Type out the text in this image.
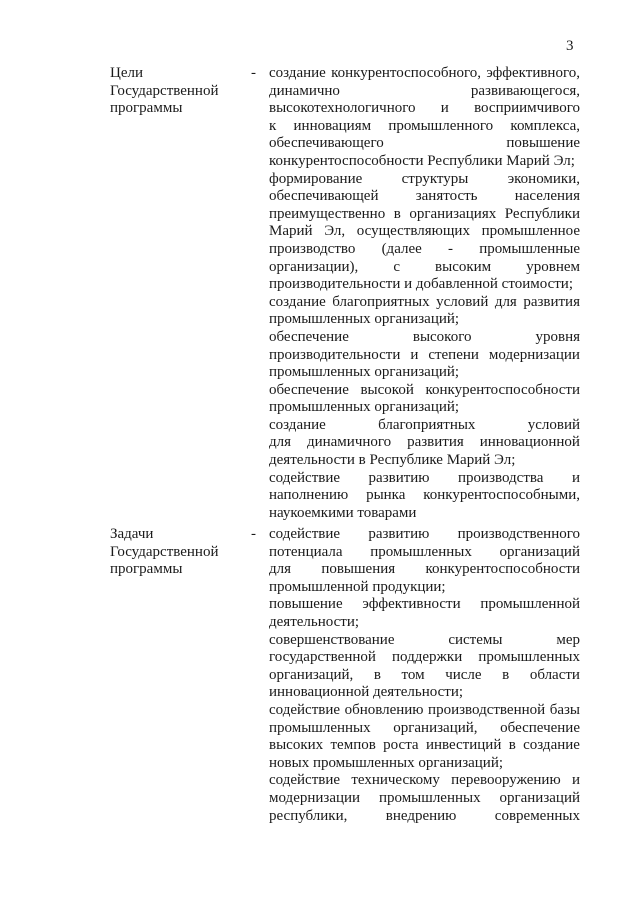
3
Цели
Государственной
программы
- создание конкурентоспособного, эффективного,
динамично	развивающегося,
высокотехнологичного и восприимчивого
к инновациям промышленного комплекса,
обеспечивающего	повышение
конкурентоспособности Республики Марий Эл;
формирование	структуры	экономики,
обеспечивающей занятость населения
преимущественно в организациях Республики
Марий Эл, осуществляющих промышленное
производство (далее - промышленные
организации), с высоким уровнем
производительности и добавленной стоимости;
создание благоприятных условий для развития
промышленных организаций;
обеспечение	высокого	уровня
производительности и степени модернизации
промышленных организаций;
обеспечение высокой конкурентоспособности
промышленных организаций;
создание	благоприятных	условий
для динамичного развития инновационной
деятельности в Республике Марий Эл;
содействие развитию производства и
наполнению рынка конкурентоспособными,
наукоемкими товарами
Задачи
Государственной
программы
- содействие развитию производственного
потенциала промышленных организаций
для повышения конкурентоспособности
промышленной продукции;
повышение эффективности промышленной
деятельности;
совершенствование	системы	мер
государственной поддержки промышленных
организаций, в том числе в области
инновационной деятельности;
содействие обновлению производственной базы
промышленных организаций, обеспечение
высоких темпов роста инвестиций в создание
новых промышленных организаций;
содействие техническому перевооружению и
модернизации промышленных организаций
республики,	внедрению	современных
